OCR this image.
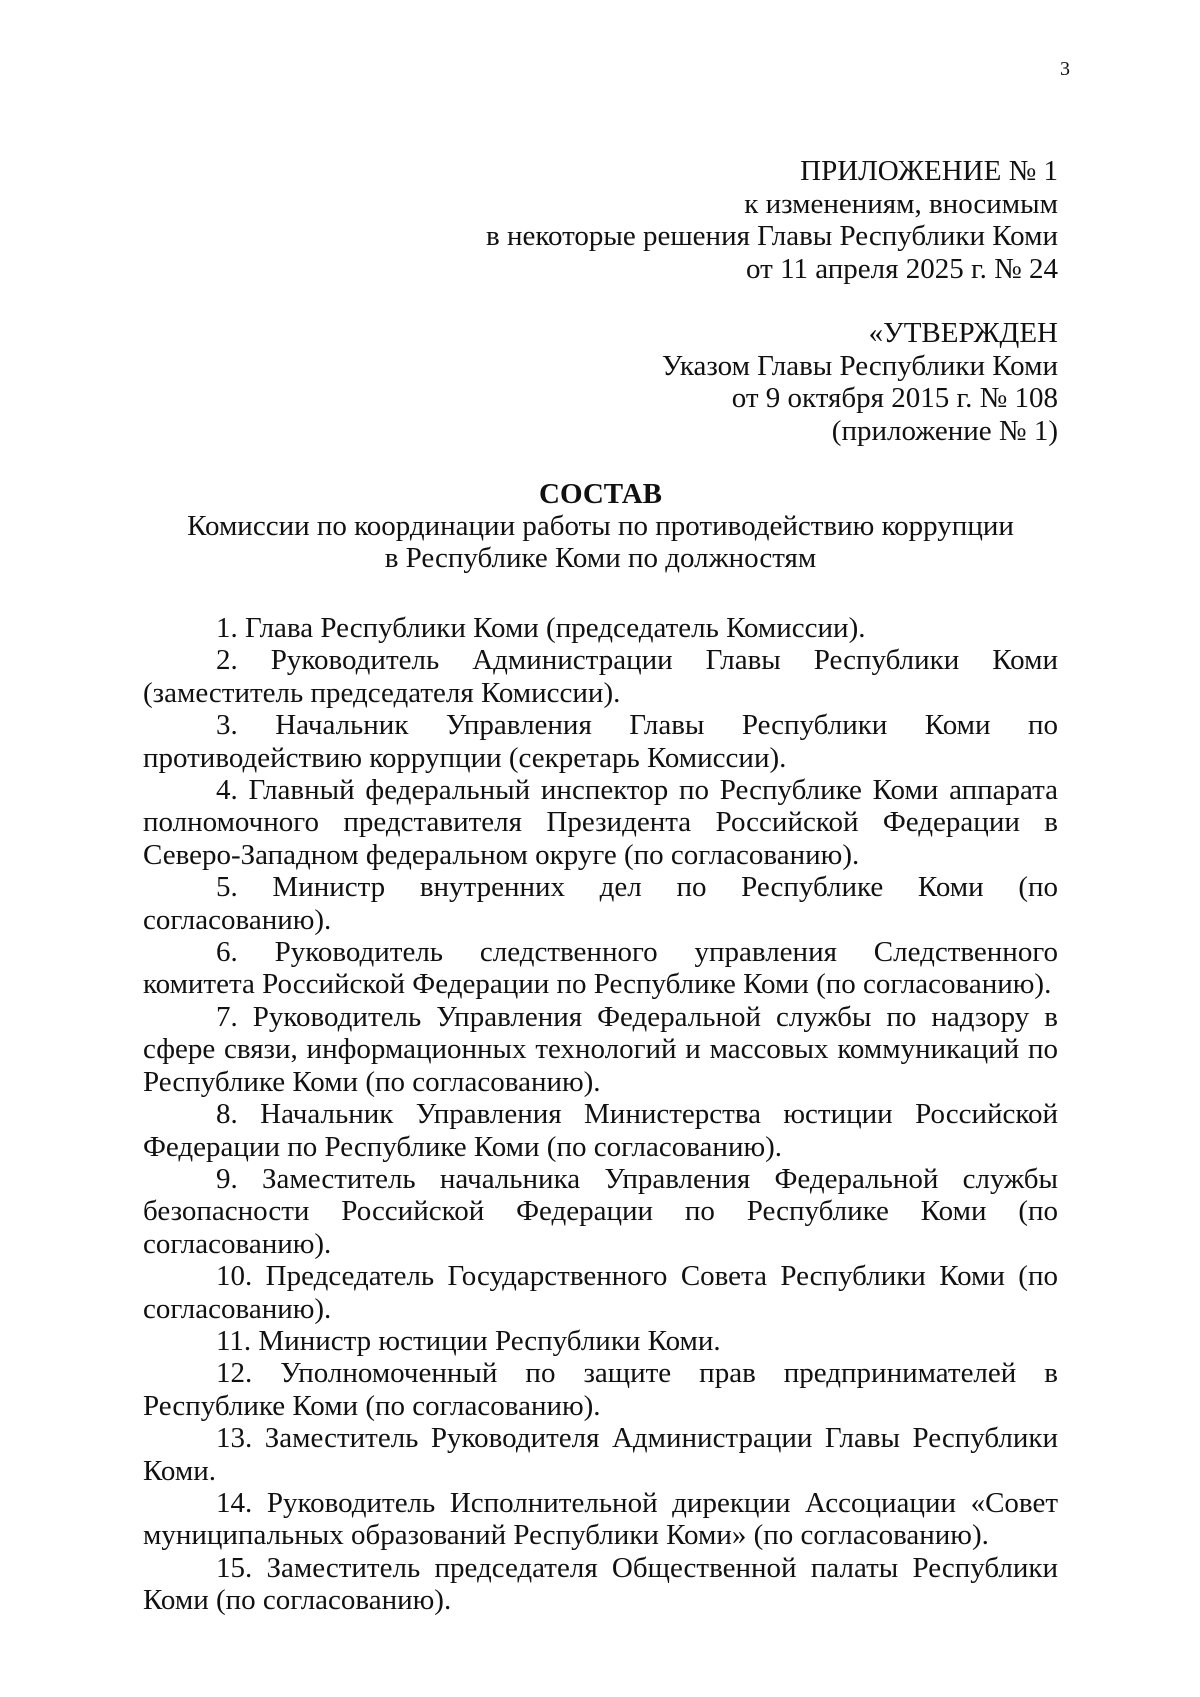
3
ПРИЛОЖЕНИЕ № 1
к изменениям, вносимым
в некоторые решения Главы Республики Коми
от 11 апреля 2025 г. № 24
«УТВЕРЖДЕН
Указом Главы Республики Коми
от 9 октября 2015 г. № 108
(приложение № 1)
СОСТАВ
Комиссии по координации работы по противодействию коррупции
в Республике Коми по должностям

1. Глава Республики Коми (председатель Комиссии).

2. Руководитель Администрации Главы Республики Коми (заместитель председателя Комиссии).

3. Начальник Управления Главы Республики Коми по противодействию коррупции (секретарь Комиссии).

4. Главный федеральный инспектор по Республике Коми аппарата полномочного представителя Президента Российской Федерации в Северо-Западном федеральном округе (по согласованию).

5. Министр внутренних дел по Республике Коми (по согласованию).

6. Руководитель следственного управления Следственного комитета Российской Федерации по Республике Коми (по согласованию).

7. Руководитель Управления Федеральной службы по надзору в сфере связи, информационных технологий и массовых коммуникаций по Республике Коми (по согласованию).

8. Начальник Управления Министерства юстиции Российской Федерации по Республике Коми (по согласованию).

9. Заместитель начальника Управления Федеральной службы безопасности Российской Федерации по Республике Коми (по согласованию).

10. Председатель Государственного Совета Республики Коми (по согласованию).

11. Министр юстиции Республики Коми.

12. Уполномоченный по защите прав предпринимателей в Республике Коми (по согласованию).

13. Заместитель Руководителя Администрации Главы Республики Коми.

14. Руководитель Исполнительной дирекции Ассоциации «Совет муниципальных образований Республики Коми» (по согласованию).

15. Заместитель председателя Общественной палаты Республики Коми (по согласованию).
